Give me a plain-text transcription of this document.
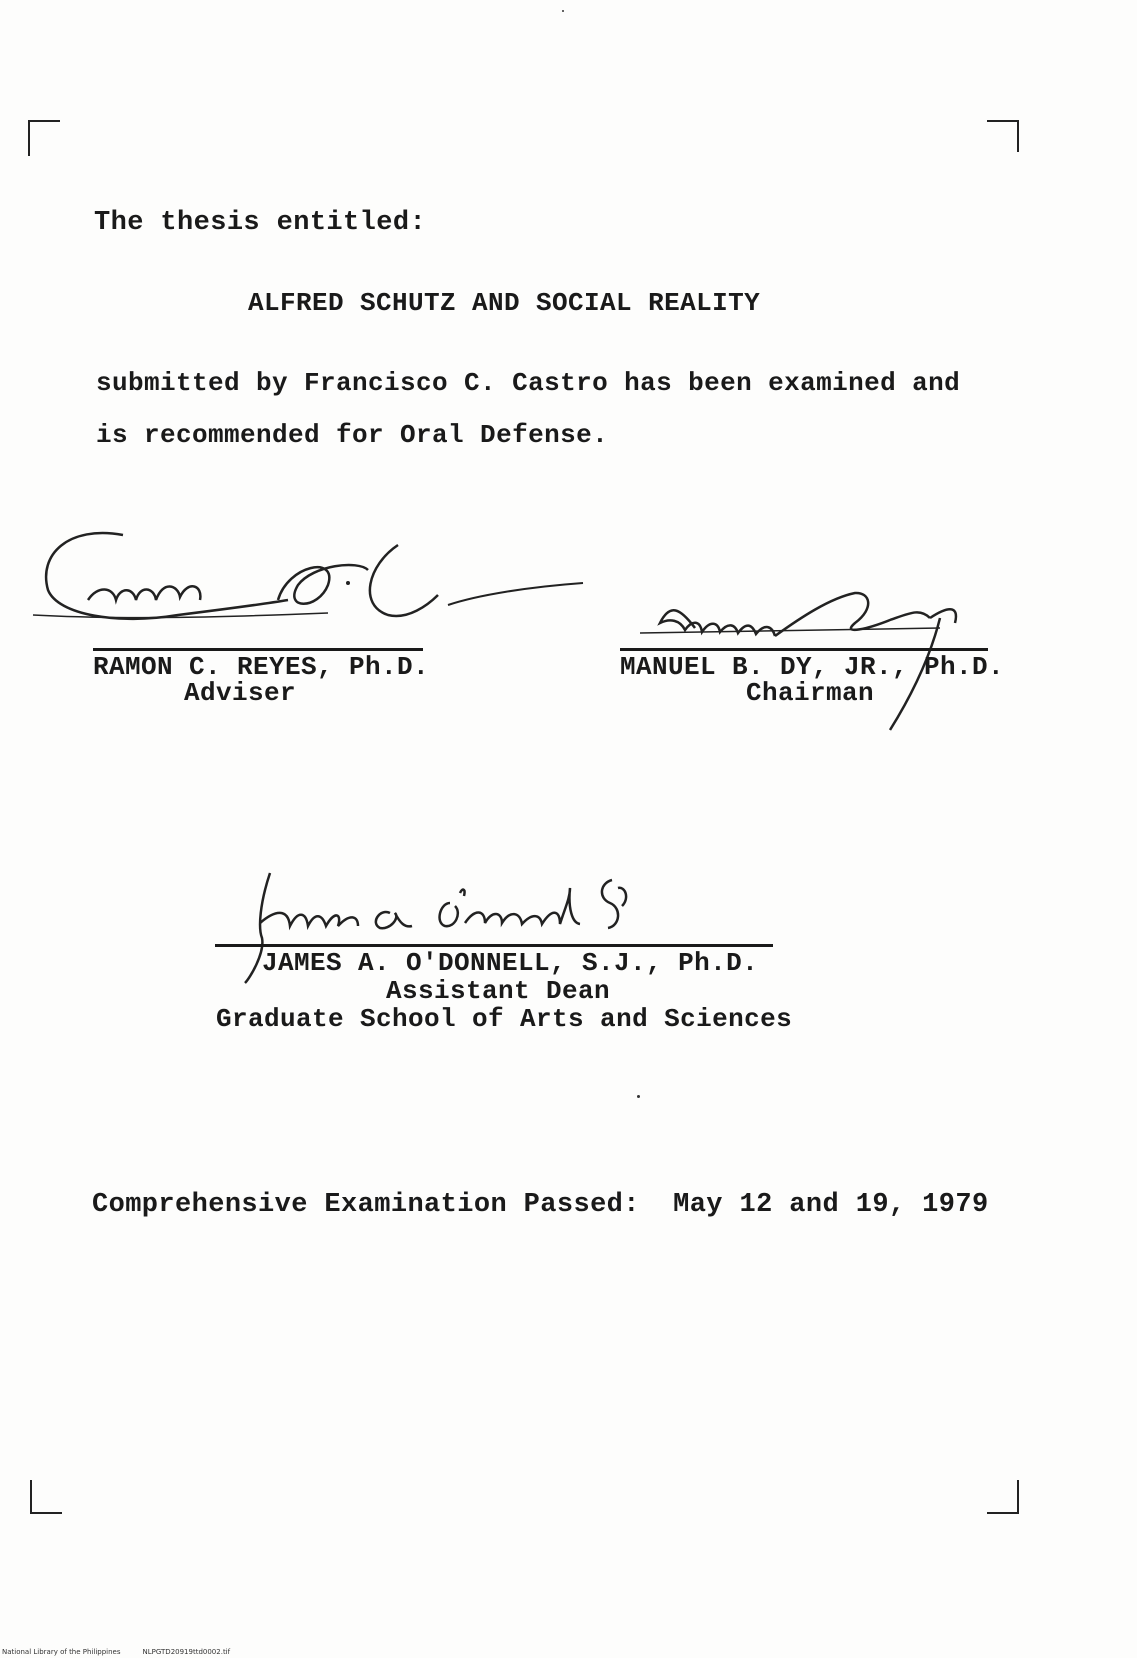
The thesis entitled:
ALFRED SCHUTZ AND SOCIAL REALITY
submitted by Francisco C. Castro has been examined and
is recommended for Oral Defense.
RAMON C. REYES, Ph.D.
Adviser
MANUEL B. DY, JR., Ph.D.
Chairman
JAMES A. O'DONNELL, S.J., Ph.D.
Assistant Dean
Graduate School of Arts and Sciences
Comprehensive Examination Passed:  May 12 and 19, 1979
National Library of the Philippines	NLPGTD20919ttd0002.tif
